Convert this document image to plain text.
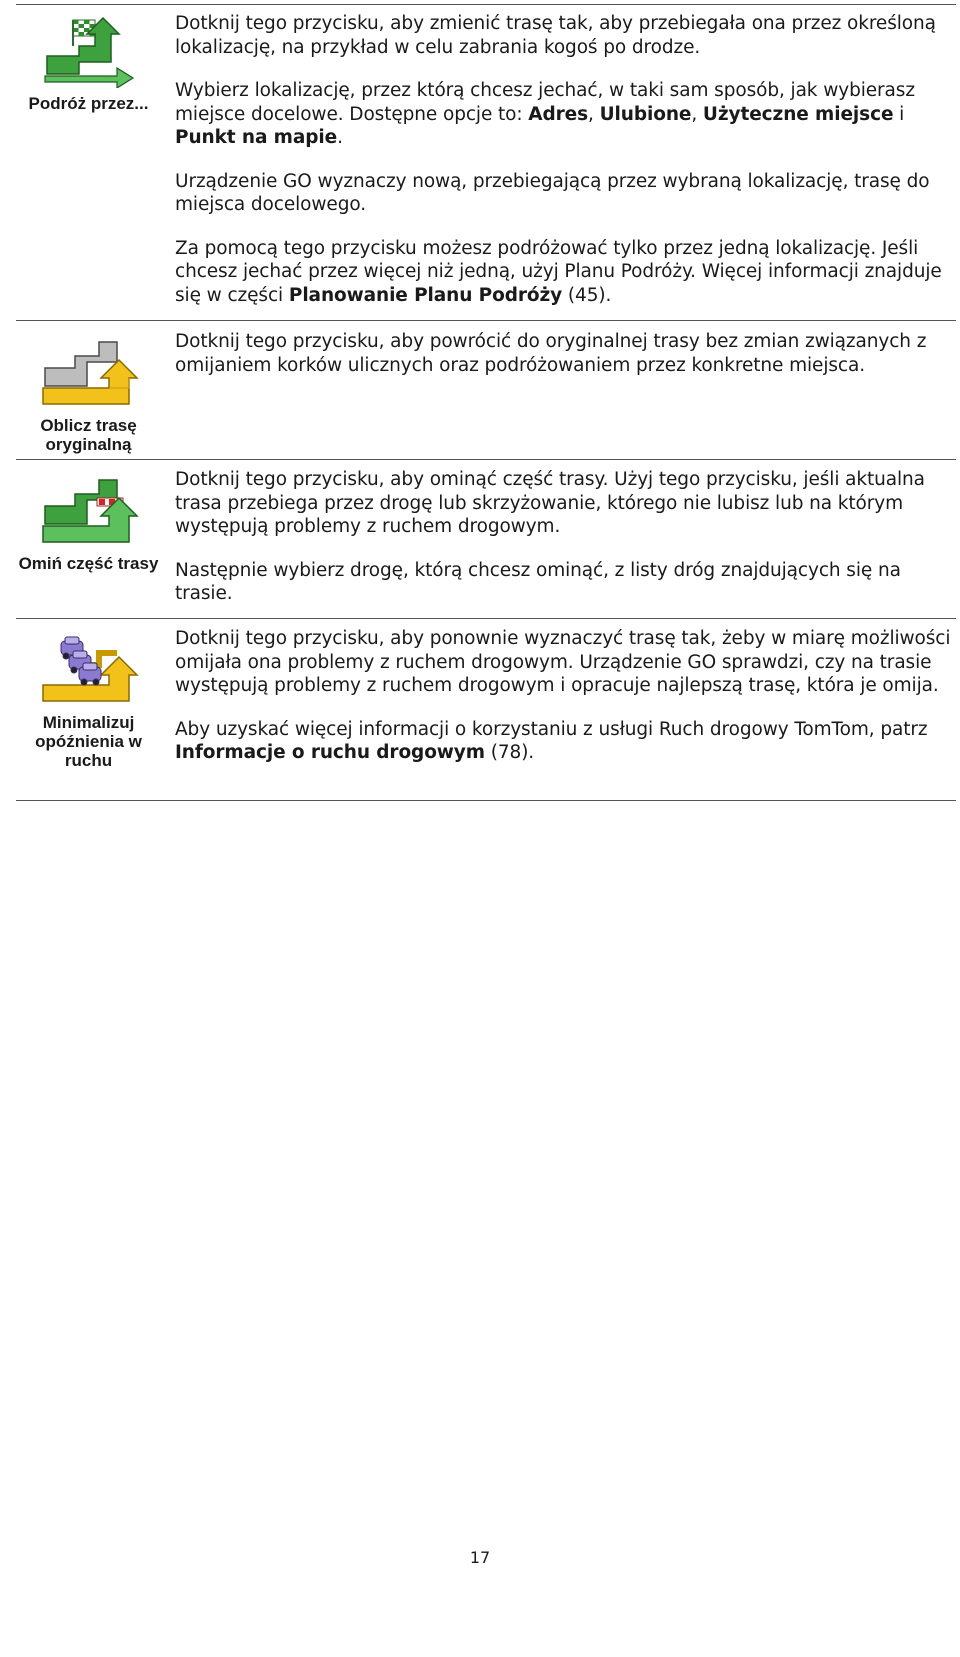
Podróż przez...

Dotknij tego przycisku, aby zmienić trasę tak, aby przebiegała ona przez określoną lokalizację, na przykład w celu zabrania kogoś po drodze.

Wybierz lokalizację, przez którą chcesz jechać, w taki sam sposób, jak wybierasz miejsce docelowe. Dostępne opcje to: Adres, Ulubione, Użyteczne miejsce i Punkt na mapie.

Urządzenie GO wyznaczy nową, przebiegającą przez wybraną lokalizację, trasę do miejsca docelowego.

Za pomocą tego przycisku możesz podróżować tylko przez jedną lokalizację. Jeśli chcesz jechać przez więcej niż jedną, użyj Planu Podróży. Więcej informacji znajduje się w części Planowanie Planu Podróży (45).

Oblicz trasę oryginalną

Dotknij tego przycisku, aby powrócić do oryginalnej trasy bez zmian związanych z omijaniem korków ulicznych oraz podróżowaniem przez konkretne miejsca.

Omiń część trasy

Dotknij tego przycisku, aby ominąć część trasy. Użyj tego przycisku, jeśli aktualna trasa przebiega przez drogę lub skrzyżowanie, którego nie lubisz lub na którym występują problemy z ruchem drogowym.

Następnie wybierz drogę, którą chcesz ominąć, z listy dróg znajdujących się na trasie.

Minimalizuj opóźnienia w ruchu

Dotknij tego przycisku, aby ponownie wyznaczyć trasę tak, żeby w miarę możliwości omijała ona problemy z ruchem drogowym. Urządzenie GO sprawdzi, czy na trasie występują problemy z ruchem drogowym i opracuje najlepszą trasę, która je omija.

Aby uzyskać więcej informacji o korzystaniu z usługi Ruch drogowy TomTom, patrz Informacje o ruchu drogowym (78).

17
